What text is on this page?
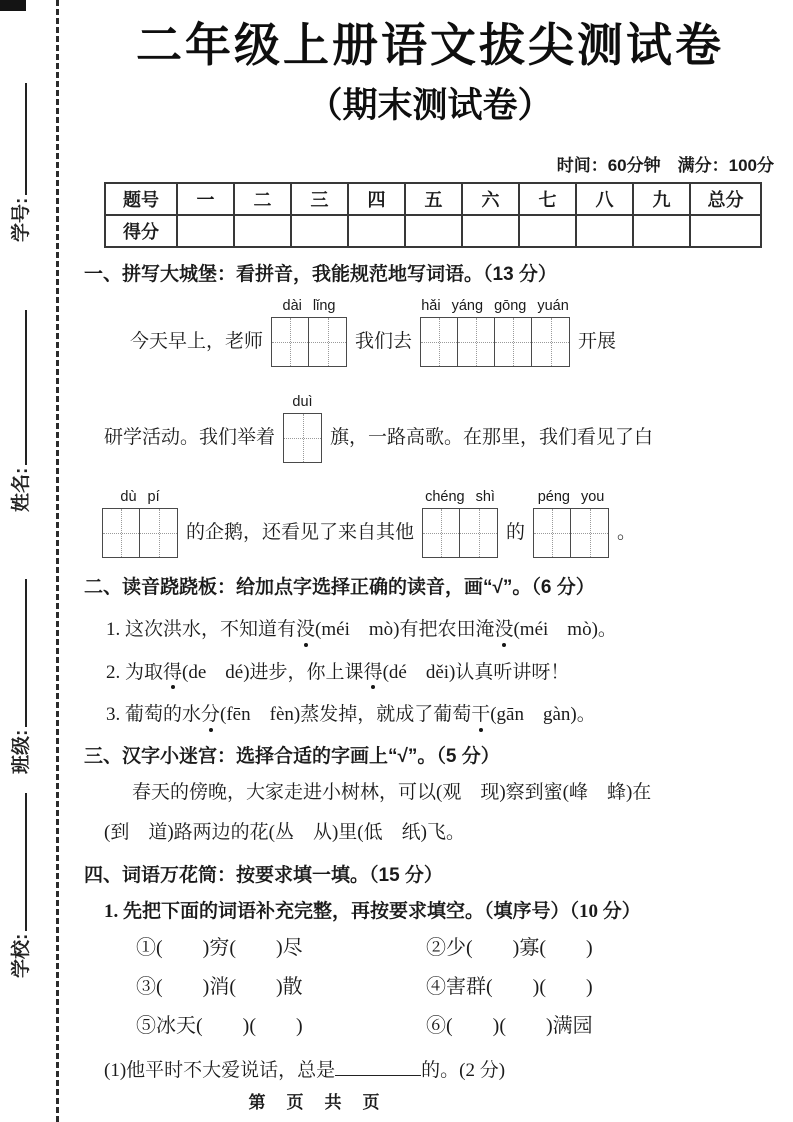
学号:
姓名:
班级:
学校:
二年级上册语文拔尖测试卷
（期末测试卷）
时间：60分钟　满分：100分
题号	一	二	三	四	五	六	七	八	九	总分
得分										
一、拼写大城堡：看拼音，我能规范地写词语。（13 分）
今天早上，老师
dài lǐng
我们去
hǎi yáng gōng yuán
开展
研学活动。我们举着
duì
旗，一路高歌。在那里，我们看见了白
dù pí
的企鹅，还看见了来自其他
chéng shì
的
péng you
。
二、读音跷跷板：给加点字选择正确的读音，画“√”。（6 分）
1. 这次洪水，不知道有没(méi　mò)有把农田淹没(méi　mò)。
2. 为取得(de　dé)进步，你上课得(dé　děi)认真听讲呀！
3. 葡萄的水分(fēn　fèn)蒸发掉，就成了葡萄干(gān　gàn)。
三、汉字小迷宫：选择合适的字画上“√”。（5 分）
春天的傍晚，大家走进小树林，可以(观　现)察到蜜(峰　蜂)在
(到　道)路两边的花(丛　从)里(低　纸)飞。
四、词语万花筒：按要求填一填。（15 分）
1. 先把下面的词语补充完整，再按要求填空。（填序号）（10 分）
①(　　)穷(　　)尽	②少(　　)寡(　　)
③(　　)消(　　)散	④害群(　　)(　　)
⑤冰天(　　)(　　)	⑥(　　)(　　)满园
(1)他平时不大爱说话，总是	的。(2 分)
第　页　共　页
